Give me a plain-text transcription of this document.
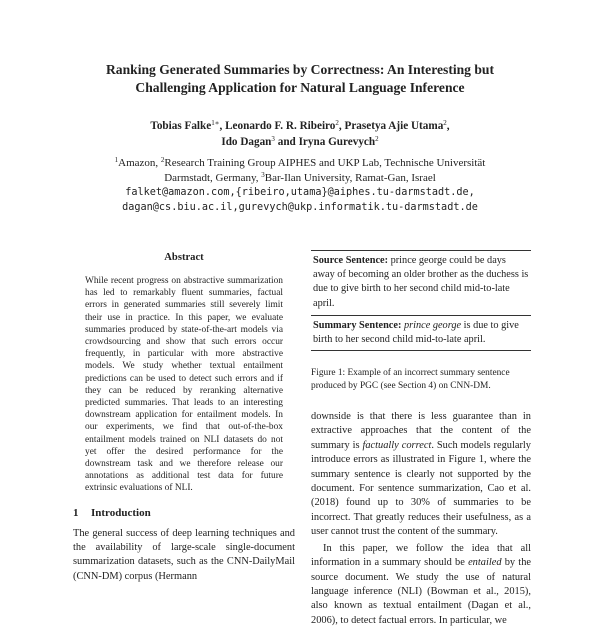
Ranking Generated Summaries by Correctness: An Interesting but
Challenging Application for Natural Language Inference
Tobias Falke$^{1∗}$, Leonardo F. R. Ribeiro$^2$, Prasetya Ajie Utama$^2$,
Ido Dagan$^3$ and Iryna Gurevych$^2$
$^1$Amazon, $^2$Research Training Group AIPHES and UKP Lab, Technische Universität
Darmstadt, Germany, $^3$Bar-Ilan University, Ramat-Gan, Israel
falket@amazon.com,{ribeiro,utama}@aiphes.tu-darmstadt.de,
dagan@cs.biu.ac.il,gurevych@ukp.informatik.tu-darmstadt.de
Abstract

While recent progress on abstractive summarization has led to remarkably fluent summaries, factual errors in generated summaries still severely limit their use in practice. In this paper, we evaluate summaries produced by state-of-the-art models via crowdsourcing and show that such errors occur frequently, in particular with more abstractive models. We study whether textual entailment predictions can be used to detect such errors and if they can be reduced by reranking alternative predicted summaries. That leads to an interesting downstream application for entailment models. In our experiments, we find that out-of-the-box entailment models trained on NLI datasets do not yet offer the desired performance for the downstream task and we therefore release our annotations as additional test data for future extrinsic evaluations of NLI.

1 Introduction

The general success of deep learning techniques and the availability of large-scale single-document summarization datasets, such as the CNN-DailyMail (CNN-DM) corpus (Hermann

Source Sentence: prince george could be days away of becoming an older brother as the duchess is due to give birth to her second child mid-to-late april.

Summary Sentence: prince george is due to give birth to her second child mid-to-late april.

Figure 1: Example of an incorrect summary sentence produced by PGC (see Section 4) on CNN-DM.

downside is that there is less guarantee than in extractive approaches that the content of the summary is factually correct. Such models regularly introduce errors as illustrated in Figure 1, where the summary sentence is clearly not supported by the document. For sentence summarization, Cao et al. (2018) found up to 30% of summaries to be incorrect. That greatly reduces their usefulness, as a user cannot trust the content of the summary.

In this paper, we follow the idea that all information in a summary should be entailed by the source document. We study the use of natural language inference (NLI) (Bowman et al., 2015), also known as textual entailment (Dagan et al., 2006), to detect factual errors. In particular, we
